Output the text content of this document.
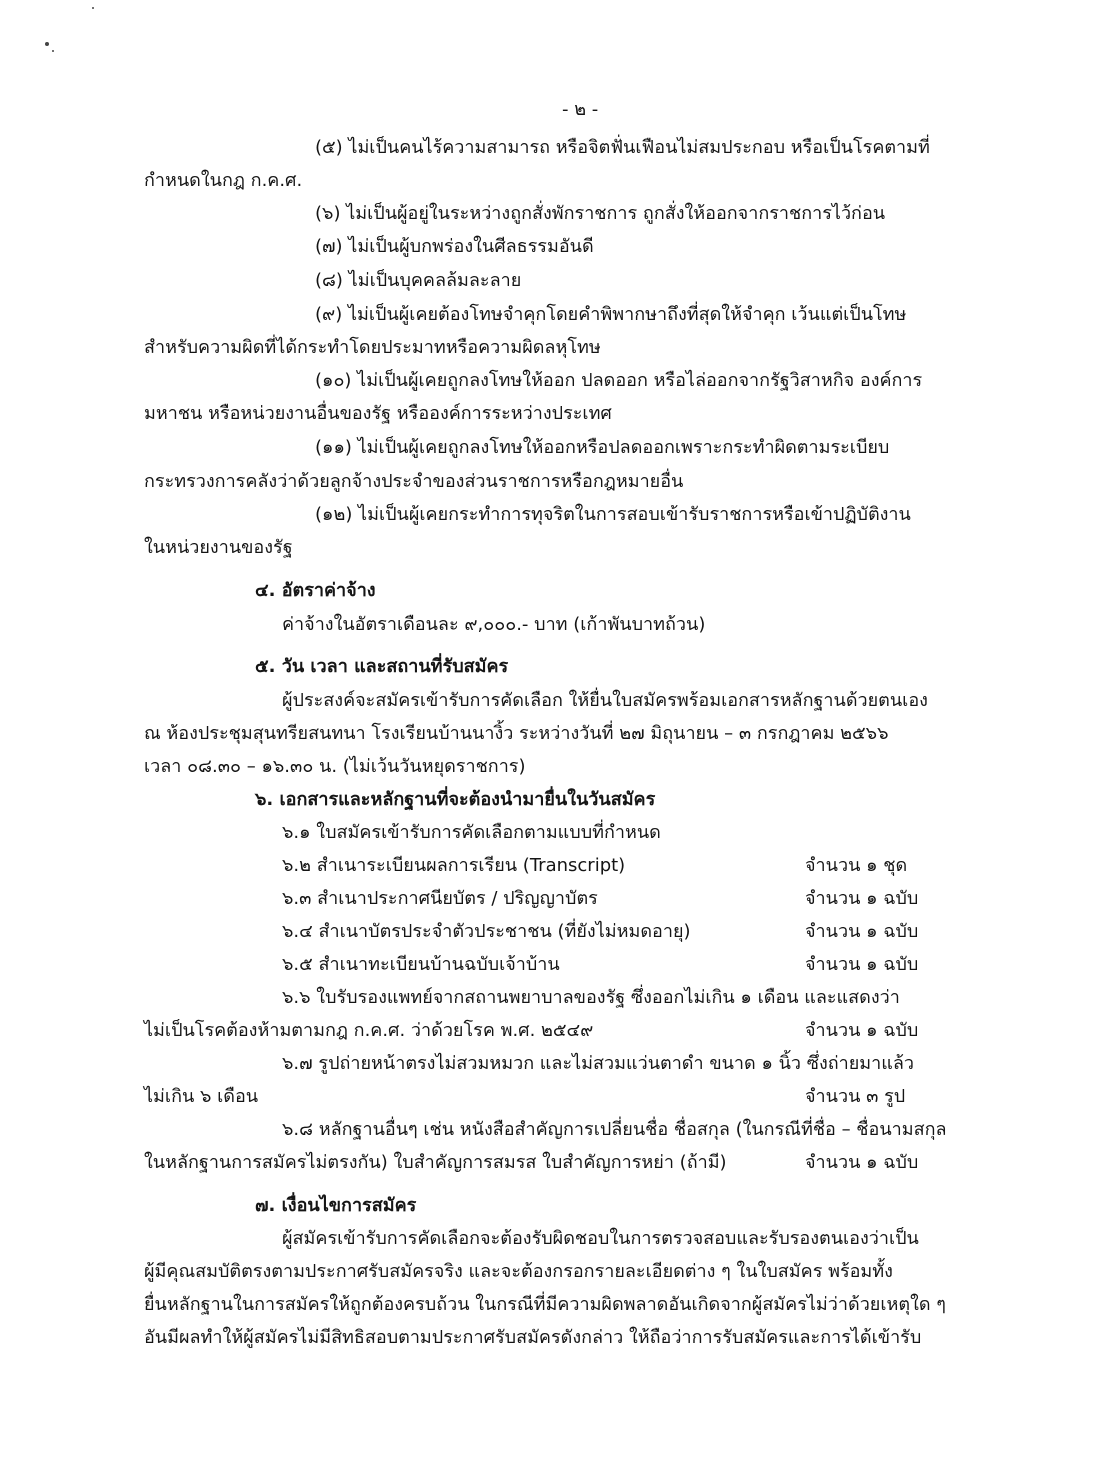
- ๒ -

(๕) ไม่เป็นคนไร้ความสามารถ หรือจิตฟั่นเฟือนไม่สมประกอบ หรือเป็นโรคตามที่

กำหนดในกฎ ก.ค.ศ.

(๖) ไม่เป็นผู้อยู่ในระหว่างถูกสั่งพักราชการ ถูกสั่งให้ออกจากราชการไว้ก่อน

(๗) ไม่เป็นผู้บกพร่องในศีลธรรมอันดี

(๘) ไม่เป็นบุคคลล้มละลาย

(๙) ไม่เป็นผู้เคยต้องโทษจำคุกโดยคำพิพากษาถึงที่สุดให้จำคุก เว้นแต่เป็นโทษ

สำหรับความผิดที่ได้กระทำโดยประมาทหรือความผิดลหุโทษ

(๑๐) ไม่เป็นผู้เคยถูกลงโทษให้ออก ปลดออก หรือไล่ออกจากรัฐวิสาหกิจ องค์การ

มหาชน หรือหน่วยงานอื่นของรัฐ หรือองค์การระหว่างประเทศ

(๑๑) ไม่เป็นผู้เคยถูกลงโทษให้ออกหรือปลดออกเพราะกระทำผิดตามระเบียบ

กระทรวงการคลังว่าด้วยลูกจ้างประจำของส่วนราชการหรือกฎหมายอื่น

(๑๒) ไม่เป็นผู้เคยกระทำการทุจริตในการสอบเข้ารับราชการหรือเข้าปฏิบัติงาน

ในหน่วยงานของรัฐ

๔. อัตราค่าจ้าง

ค่าจ้างในอัตราเดือนละ ๙,๐๐๐.- บาท (เก้าพันบาทถ้วน)

๕. วัน เวลา และสถานที่รับสมัคร

ผู้ประสงค์จะสมัครเข้ารับการคัดเลือก ให้ยื่นใบสมัครพร้อมเอกสารหลักฐานด้วยตนเอง

ณ ห้องประชุมสุนทรียสนทนา โรงเรียนบ้านนางิ้ว ระหว่างวันที่ ๒๗ มิถุนายน – ๓ กรกฎาคม ๒๕๖๖

เวลา ๐๘.๓๐ – ๑๖.๓๐ น. (ไม่เว้นวันหยุดราชการ)

๖. เอกสารและหลักฐานที่จะต้องนำมายื่นในวันสมัคร

๖.๑ ใบสมัครเข้ารับการคัดเลือกตามแบบที่กำหนด

๖.๒ สำเนาระเบียนผลการเรียน (Transcript)	จำนวน ๑ ชุด

๖.๓ สำเนาประกาศนียบัตร / ปริญญาบัตร	จำนวน ๑ ฉบับ

๖.๔ สำเนาบัตรประจำตัวประชาชน (ที่ยังไม่หมดอายุ)	จำนวน ๑ ฉบับ

๖.๕ สำเนาทะเบียนบ้านฉบับเจ้าบ้าน	จำนวน ๑ ฉบับ

๖.๖ ใบรับรองแพทย์จากสถานพยาบาลของรัฐ ซึ่งออกไม่เกิน ๑ เดือน และแสดงว่า

ไม่เป็นโรคต้องห้ามตามกฎ ก.ค.ศ. ว่าด้วยโรค พ.ศ. ๒๕๔๙	จำนวน ๑ ฉบับ

๖.๗ รูปถ่ายหน้าตรงไม่สวมหมวก และไม่สวมแว่นตาดำ ขนาด ๑ นิ้ว ซึ่งถ่ายมาแล้ว

ไม่เกิน ๖ เดือน	จำนวน ๓ รูป

๖.๘ หลักฐานอื่นๆ เช่น หนังสือสำคัญการเปลี่ยนชื่อ ชื่อสกุล (ในกรณีที่ชื่อ – ชื่อนามสกุล

ในหลักฐานการสมัครไม่ตรงกัน) ใบสำคัญการสมรส ใบสำคัญการหย่า (ถ้ามี)	จำนวน ๑ ฉบับ

๗. เงื่อนไขการสมัคร

ผู้สมัครเข้ารับการคัดเลือกจะต้องรับผิดชอบในการตรวจสอบและรับรองตนเองว่าเป็น

ผู้มีคุณสมบัติตรงตามประกาศรับสมัครจริง และจะต้องกรอกรายละเอียดต่าง ๆ ในใบสมัคร พร้อมทั้ง

ยื่นหลักฐานในการสมัครให้ถูกต้องครบถ้วน ในกรณีที่มีความผิดพลาดอันเกิดจากผู้สมัครไม่ว่าด้วยเหตุใด ๆ

อันมีผลทำให้ผู้สมัครไม่มีสิทธิสอบตามประกาศรับสมัครดังกล่าว ให้ถือว่าการรับสมัครและการได้เข้ารับ
